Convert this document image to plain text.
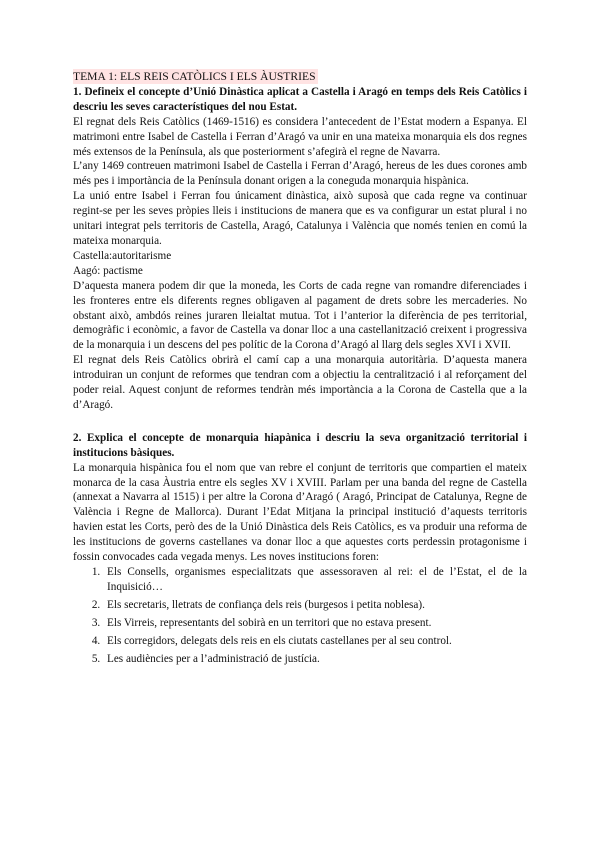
TEMA 1: ELS REIS CATÒLICS I ELS ÀUSTRIES

1. Defineix el concepte d’Unió Dinàstica aplicat a Castella i Aragó en temps dels Reis Catòlics i descriu les seves característiques del nou Estat.

El regnat dels Reis Catòlics (1469-1516) es considera l’antecedent de l’Estat modern a Espanya. El matrimoni entre Isabel de Castella i Ferran d’Aragó va unir en una mateixa monarquia els dos regnes més extensos de la Península, als que posteriorment s’afegirà el regne de Navarra.

L’any 1469 contreuen matrimoni Isabel de Castella i Ferran d’Aragó, hereus de les dues corones amb més pes i importància de la Península donant origen a la coneguda monarquia hispànica.

La unió entre Isabel i Ferran fou únicament dinàstica, això suposà que cada regne va continuar regint-se per les seves pròpies lleis i institucions de manera que es va configurar un estat plural i no unitari integrat pels territoris de Castella, Aragó, Catalunya i València que només tenien en comú la mateixa monarquia.

Castella:autoritarisme

Aagó: pactisme

D’aquesta manera podem dir que la moneda, les Corts de cada regne van romandre diferenciades i les fronteres entre els diferents regnes obligaven al pagament de drets sobre les mercaderies. No obstant això, ambdós reines juraren lleialtat mutua. Tot i l’anterior la diferència de pes territorial, demogràfic i econòmic, a favor de Castella va donar lloc a una castellanització creixent i progressiva de la monarquia i un descens del pes polític de la Corona d’Aragó al llarg dels segles XVI i XVII.

El regnat dels Reis Catòlics obrirà el camí cap a una monarquia autoritària. D’aquesta manera introduiran un conjunt de reformes que tendran com a objectiu la centralització i al reforçament del poder reial. Aquest conjunt de reformes tendràn més importància a la Corona de Castella que a la d’Aragó.

2. Explica el concepte de monarquia hiapànica i descriu la seva organització territorial i institucions bàsiques.

La monarquia hispànica fou el nom que van rebre el conjunt de territoris que compartien el mateix monarca de la casa Àustria entre els segles XV i XVIII. Parlam per una banda del regne de Castella (annexat a Navarra al 1515) i per altre la Corona d’Aragó ( Aragó, Principat de Catalunya, Regne de València i Regne de Mallorca). Durant l’Edat Mitjana la principal institució d’aquests territoris havien estat les Corts, però des de la Unió Dinàstica dels Reis Catòlics, es va produir una reforma de les institucions de governs castellanes va donar lloc a que aquestes corts perdessin protagonisme i fossin convocades cada vegada menys. Les noves institucions foren:

1. Els Consells, organismes especialitzats que assessoraven al rei: el de l’Estat, el de la Inquisició…
2. Els secretaris, lletrats de confiança dels reis (burgesos i petita noblesa).
3. Els Virreis, representants del sobirà en un territori que no estava present.
4. Els corregidors, delegats dels reis en els ciutats castellanes per al seu control.
5. Les audiències per a l’administració de justícia.
